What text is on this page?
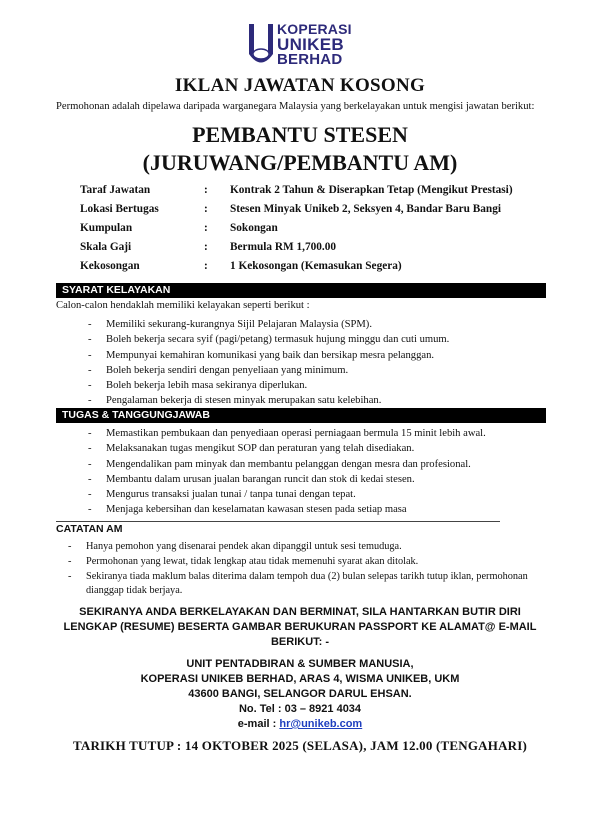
KOPERASI
UNIKEB
BERHAD
IKLAN JAWATAN KOSONG
Permohonan adalah dipelawa daripada warganegara Malaysia yang berkelayakan untuk mengisi jawatan berikut:
PEMBANTU STESEN
(JURUWANG/PEMBANTU AM)
Taraf Jawatan	: Kontrak 2 Tahun & Diserapkan Tetap (Mengikut Prestasi)
Lokasi Bertugas	: Stesen Minyak Unikeb 2, Seksyen 4, Bandar Baru Bangi
Kumpulan	: Sokongan
Skala Gaji	: Bermula RM 1,700.00
Kekosongan	: 1 Kekosongan (Kemasukan Segera)
SYARAT KELAYAKAN
Calon-calon hendaklah memiliki kelayakan seperti berikut :
- Memiliki sekurang-kurangnya Sijil Pelajaran Malaysia (SPM).
- Boleh bekerja secara syif (pagi/petang) termasuk hujung minggu dan cuti umum.
- Mempunyai kemahiran komunikasi yang baik dan bersikap mesra pelanggan.
- Boleh bekerja sendiri dengan penyeliaan yang minimum.
- Boleh bekerja lebih masa sekiranya diperlukan.
- Pengalaman bekerja di stesen minyak merupakan satu kelebihan.
TUGAS & TANGGUNGJAWAB
- Memastikan pembukaan dan penyediaan operasi perniagaan bermula 15 minit lebih awal.
- Melaksanakan tugas mengikut SOP dan peraturan yang telah disediakan.
- Mengendalikan pam minyak dan membantu pelanggan dengan mesra dan profesional.
- Membantu dalam urusan jualan barangan runcit dan stok di kedai stesen.
- Mengurus transaksi jualan tunai / tanpa tunai dengan tepat.
- Menjaga kebersihan dan keselamatan kawasan stesen pada setiap masa
CATATAN AM
- Hanya pemohon yang disenarai pendek akan dipanggil untuk sesi temuduga.
- Permohonan yang lewat, tidak lengkap atau tidak memenuhi syarat akan ditolak.
- Sekiranya tiada maklum balas diterima dalam tempoh dua (2) bulan selepas tarikh tutup iklan, permohonan dianggap tidak berjaya.
SEKIRANYA ANDA BERKELAYAKAN DAN BERMINAT, SILA HANTARKAN BUTIR DIRI
LENGKAP (RESUME) BESERTA GAMBAR BERUKURAN PASSPORT KE ALAMAT@ E-MAIL
BERIKUT: -
UNIT PENTADBIRAN & SUMBER MANUSIA,
KOPERASI UNIKEB BERHAD, ARAS 4, WISMA UNIKEB, UKM
43600 BANGI, SELANGOR DARUL EHSAN.
No. Tel : 03 – 8921 4034
e-mail : hr@unikeb.com
TARIKH TUTUP : 14 OKTOBER 2025 (SELASA), JAM 12.00 (TENGAHARI)
